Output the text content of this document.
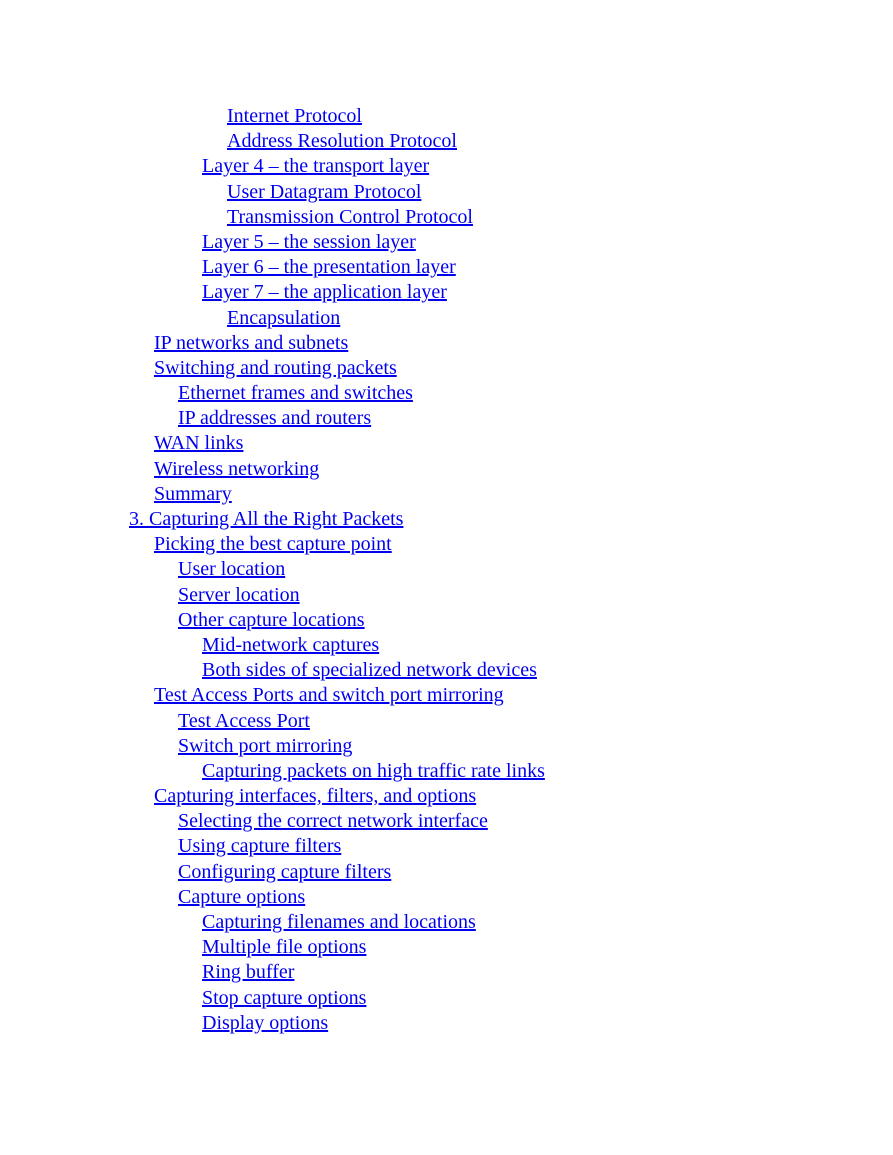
Internet Protocol
Address Resolution Protocol
Layer 4 – the transport layer
User Datagram Protocol
Transmission Control Protocol
Layer 5 – the session layer
Layer 6 – the presentation layer
Layer 7 – the application layer
Encapsulation
IP networks and subnets
Switching and routing packets
Ethernet frames and switches
IP addresses and routers
WAN links
Wireless networking
Summary
3. Capturing All the Right Packets
Picking the best capture point
User location
Server location
Other capture locations
Mid-network captures
Both sides of specialized network devices
Test Access Ports and switch port mirroring
Test Access Port
Switch port mirroring
Capturing packets on high traffic rate links
Capturing interfaces, filters, and options
Selecting the correct network interface
Using capture filters
Configuring capture filters
Capture options
Capturing filenames and locations
Multiple file options
Ring buffer
Stop capture options
Display options
